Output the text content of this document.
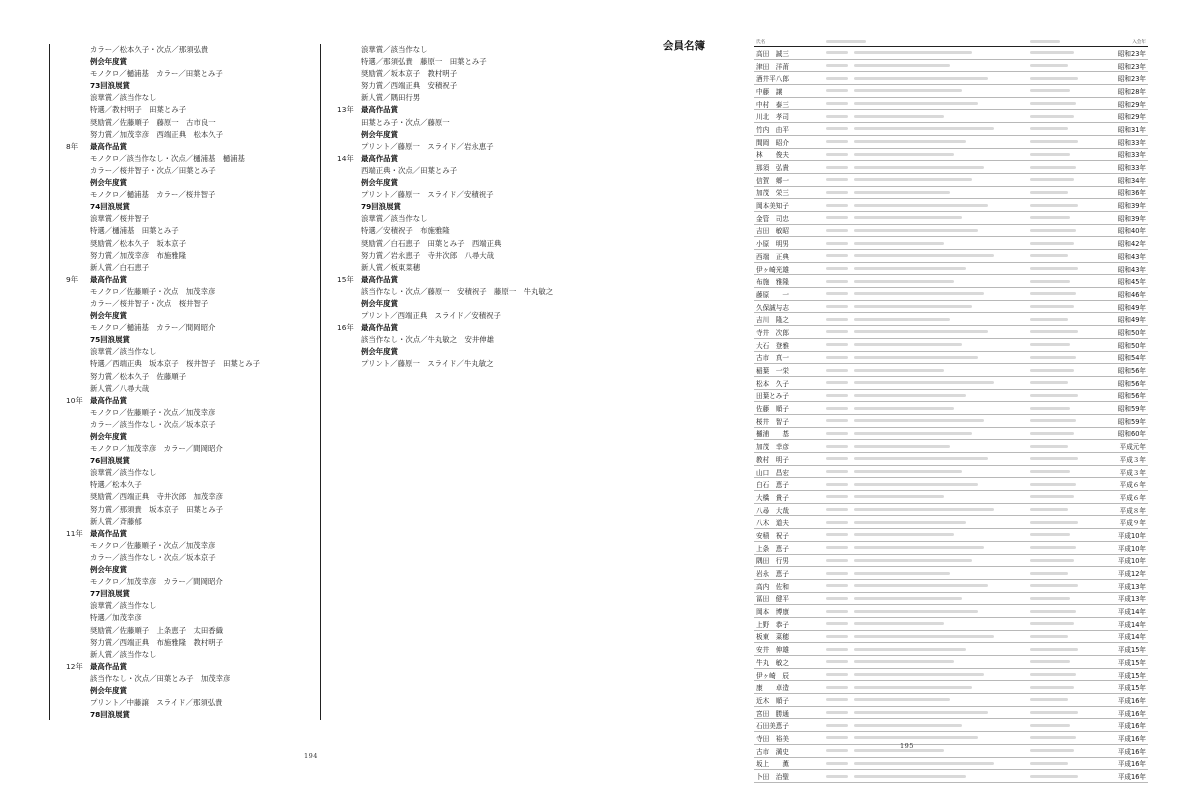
カラー／松本久子・次点／那須弘貴
例会年度賞
モノクロ／樋浦基　カラー／田葉とみ子
73回浪展賞
浪華賞／該当作なし
特選／教村明子　田葉とみ子
奨励賞／佐藤順子　藤原一　古市良一
努力賞／加茂幸彦　西端正典　松本久子
8年 最高作品賞
モノクロ／該当作なし・次点／樋浦基　樋浦基
カラー／桜井智子・次点／田葉とみ子
例会年度賞
モノクロ／樋浦基　カラー／桜井智子
74回浪展賞
浪華賞／桜井智子
特選／樋浦基　田葉とみ子
奨励賞／松本久子　坂本京子
努力賞／加茂幸彦　布施雅隆
新人賞／白石恵子
9年 最高作品賞
モノクロ／佐藤順子・次点　加茂幸彦
カラー／桜井智子・次点　桜井智子
例会年度賞
モノクロ／樋浦基　カラー／間岡昭介
75回浪展賞
浪華賞／該当作なし
特選／西端正典　坂本京子　桜井智子　田葉とみ子
努力賞／松本久子　佐藤順子
新人賞／八尋大哉
10年 最高作品賞
モノクロ／佐藤順子・次点／加茂幸彦
カラー／該当作なし・次点／坂本京子
例会年度賞
モノクロ／加茂幸彦　カラー／間岡昭介
76回浪展賞
浪華賞／該当作なし
特選／松本久子
奨励賞／西端正典　寺井次郎　加茂幸彦
努力賞／那須貴　坂本京子　田葉とみ子
新人賞／斉藤郁
11年 最高作品賞
モノクロ／佐藤順子・次点／加茂幸彦
カラー／該当作なし・次点／坂本京子
例会年度賞
モノクロ／加茂幸彦　カラー／間岡昭介
77回浪展賞
浪華賞／該当作なし
特選／加茂幸彦
奨励賞／佐藤順子　上条恵子　太田香織
努力賞／西端正典　布施雅隆　教村明子
新人賞／該当作なし
12年 最高作品賞
該当作なし・次点／田葉とみ子　加茂幸彦
例会年度賞
プリント／中藤譲　スライド／那須弘貴
78回浪展賞
浪華賞／該当作なし
特選／那須弘貴　藤原一　田葉とみ子
奨励賞／坂本京子　教村明子
努力賞／西端正典　安積祝子
新人賞／隅田行男
13年 最高作品賞
田葉とみ子・次点／藤原一
例会年度賞
プリント／藤原一　スライド／岩永恵子
14年 最高作品賞
西端正典・次点／田葉とみ子
例会年度賞
プリント／藤原一　スライド／安積祝子
79回浪展賞
浪華賞／該当作なし
特選／安積祝子　布施雅隆
奨励賞／白石恵子　田葉とみ子　西端正典
努力賞／岩永恵子　寺井次郎　八尋大哉
新人賞／板東菜穂
15年 最高作品賞
該当作なし・次点／藤原一　安積祝子　藤原一　牛丸敏之
例会年度賞
プリント／西端正典　スライド／安積祝子
16年 最高作品賞
該当作なし・次点／牛丸敏之　安井伸雄
例会年度賞
プリント／藤原一　スライド／牛丸敏之
194
会員名簿	氏名			入会年
高田　誠三			昭和23年
津田　洋莆			昭和23年
酒井平八郎			昭和23年
中藤　譲			昭和28年
中村　泰三			昭和29年
川北　孝司			昭和29年
竹内　由平			昭和31年
間岡　昭介			昭和33年
林　　俊夫			昭和33年
那須　弘貴			昭和33年
信賀　郷一			昭和34年
加茂　栄三			昭和36年
岡本美知子			昭和39年
金管　司忠			昭和39年
吉田　敏昭			昭和40年
小原　明男			昭和42年
西端　正典			昭和43年
伊ヶ崎光雄			昭和43年
布施　雅隆			昭和45年
藤原　　一			昭和46年
久保誠与志			昭和49年
吉川　隆之			昭和49年
寺井　次郎			昭和50年
大石　登雅			昭和50年
古市　真一			昭和54年
稲葉　一栄			昭和56年
松本　久子			昭和56年
田葉とみ子			昭和56年
佐藤　順子			昭和59年
桜井　智子			昭和59年
樋浦　　基			昭和60年
加茂　幸彦			平成元年
教村　明子			平成３年
山口　昌宏			平成３年
白石　恵子			平成６年
大橋　貴子			平成６年
八尋　大哉			平成８年
八木　道夫			平成９年
安積　祝子			平成10年
上条　恵子			平成10年
隅田　行男			平成10年
岩永　恵子			平成12年
高内　佐和			平成13年
冨田　健平			平成13年
岡本　博康			平成14年
上野　恭子			平成14年
板東　菜穂			平成14年
安井　伸雄			平成15年
牛丸　敏之			平成15年
伊ヶ崎　辰			平成15年
康　　卓造			平成15年
近木　順子			平成16年
宮田　勝通			平成16年
石田美恵子			平成16年
寺田　裕美			平成16年
古市　満史			平成16年
坂上　　薫			平成16年
卜田　治聖			平成16年
195
